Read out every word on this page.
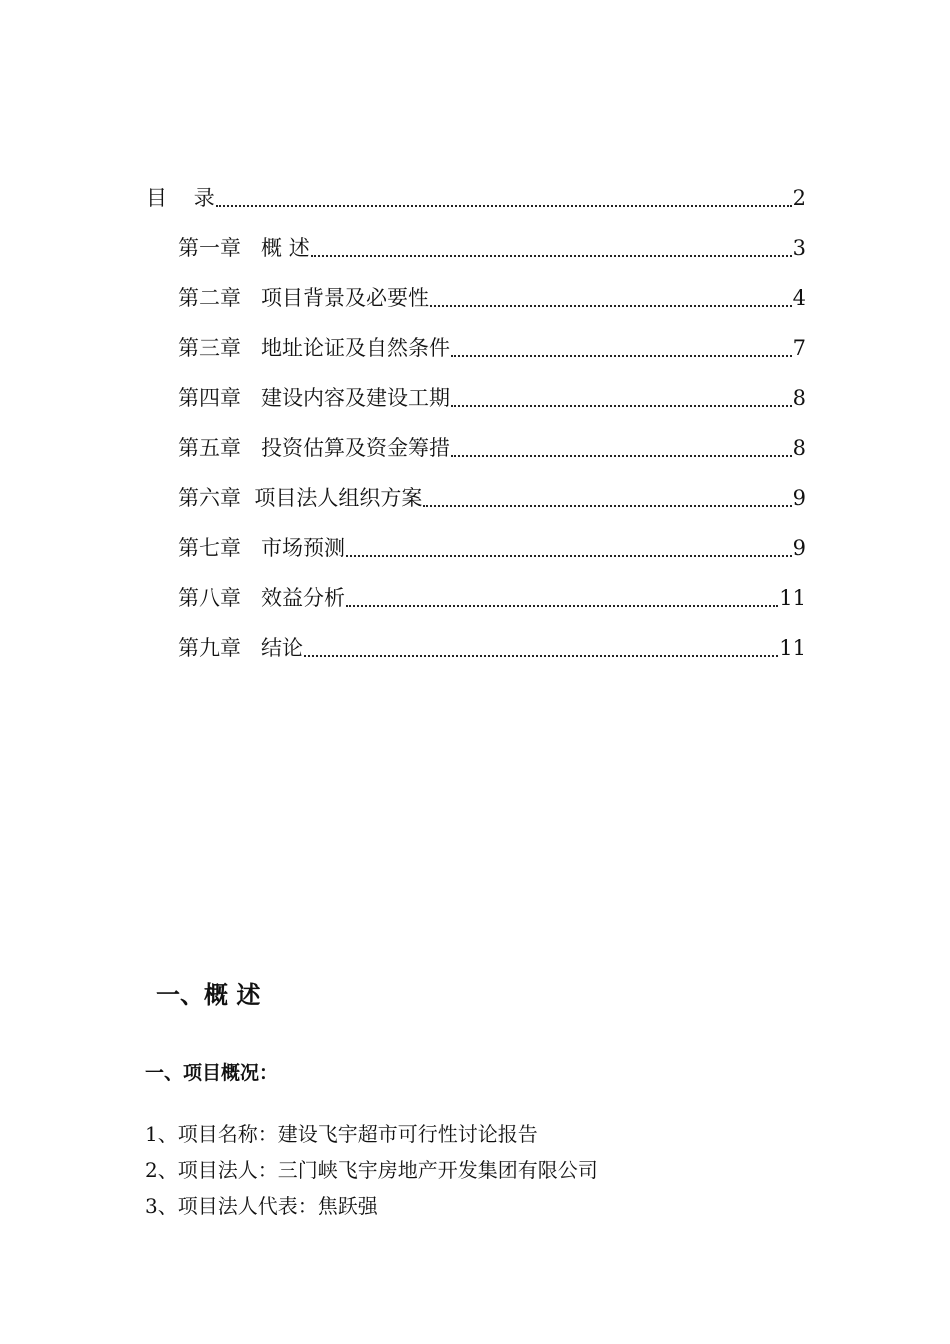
目    录	2
第一章   概 述	3
第二章   项目背景及必要性	4
第三章   地址论证及自然条件	7
第四章   建设内容及建设工期	8
第五章   投资估算及资金筹措	8
第六章  项目法人组织方案	9
第七章   市场预测	9
第八章   效益分析	11
第九章   结论	11
一、概 述
一、项目概况：
1、项目名称：建设飞宇超市可行性讨论报告
2、项目法人：三门峡飞宇房地产开发集团有限公司
3、项目法人代表：焦跃强
